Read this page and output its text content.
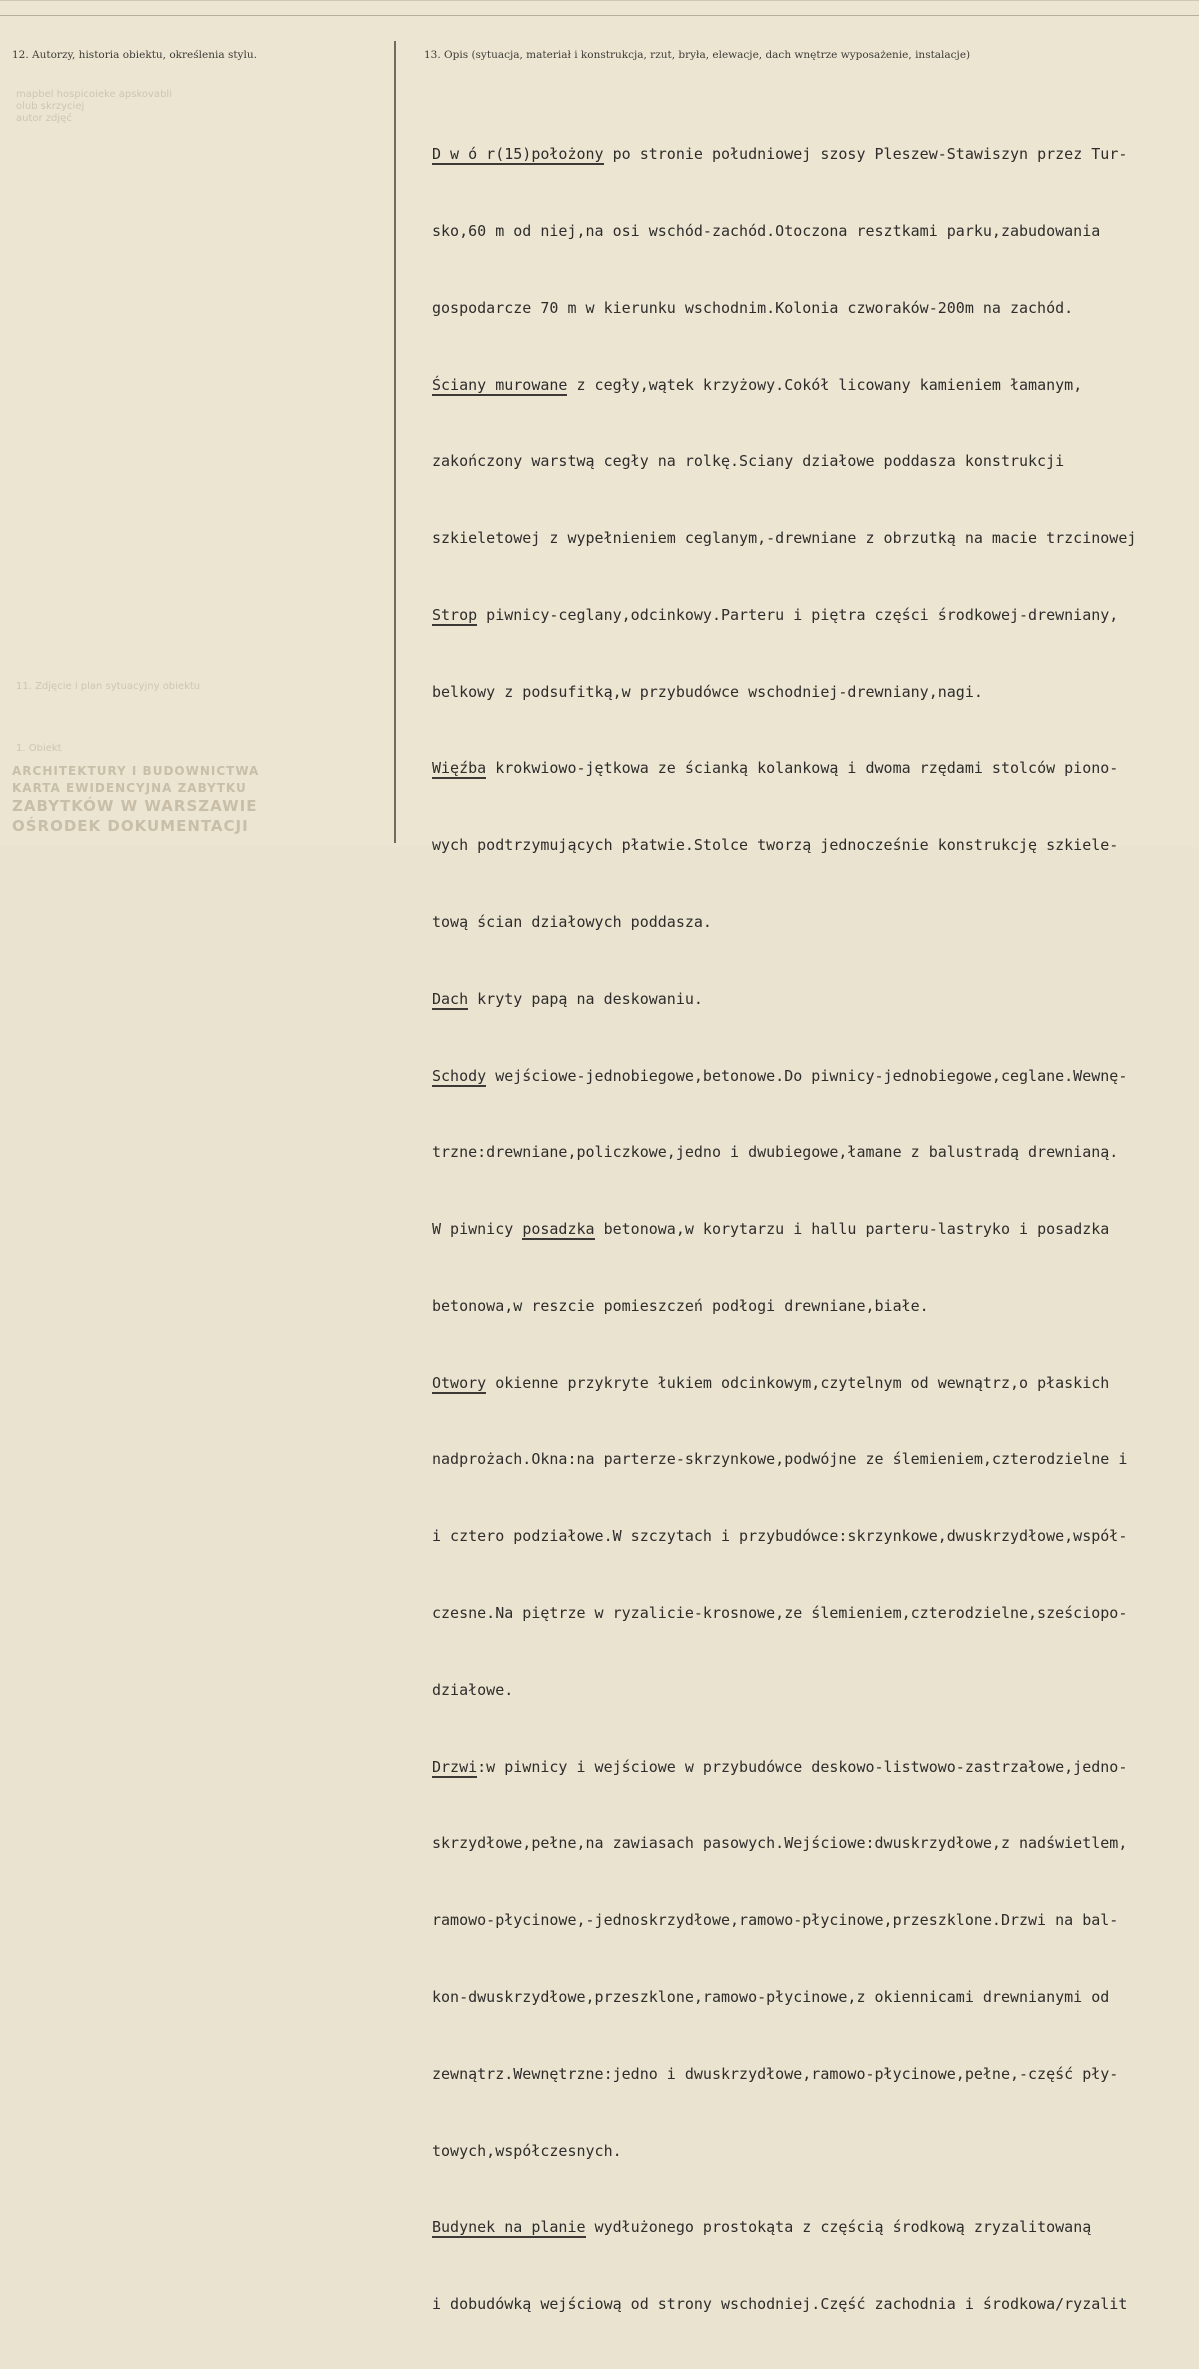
12. Autorzy, historia obiektu, określenia stylu.	13. Opis (sytuacja, materiał i konstrukcja, rzut, bryła, elewacje, dach wnętrze wyposażenie, instalacje)
mapbel hospicoieke apskovabli
olub skrzyciej
autor zdjęć
11. Zdjęcie i plan sytuacyjny obiektu
1. Obiekt
ARCHITEKTURY I BUDOWNICTWA
KARTA EWIDENCYJNA ZABYTKU
ZABYTKÓW W WARSZAWIE
OŚRODEK DOKUMENTACJI

D w ó r(15)położony po stronie południowej szosy Pleszew-Stawiszyn przez Tur-

sko,60 m od niej,na osi wschód-zachód.Otoczona resztkami parku,zabudowania

gospodarcze 70 m w kierunku wschodnim.Kolonia czworaków-200m na zachód.

Ściany murowane z cegły,wątek krzyżowy.Cokół licowany kamieniem łamanym,

zakończony warstwą cegły na rolkę.Sciany działowe poddasza konstrukcji

szkieletowej z wypełnieniem ceglanym,-drewniane z obrzutką na macie trzcinowej

Strop piwnicy-ceglany,odcinkowy.Parteru i piętra części środkowej-drewniany,

belkowy z podsufitką,w przybudówce wschodniej-drewniany,nagi.

Więźba krokwiowo-jętkowa ze ścianką kolankową i dwoma rzędami stolców piono-

wych podtrzymujących płatwie.Stolce tworzą jednocześnie konstrukcję szkiele-

tową ścian działowych poddasza.

Dach kryty papą na deskowaniu.

Schody wejściowe-jednobiegowe,betonowe.Do piwnicy-jednobiegowe,ceglane.Wewnę-

trzne:drewniane,policzkowe,jedno i dwubiegowe,łamane z balustradą drewnianą.

W piwnicy posadzka betonowa,w korytarzu i hallu parteru-lastryko i posadzka

betonowa,w reszcie pomieszczeń podłogi drewniane,białe.

Otwory okienne przykryte łukiem odcinkowym,czytelnym od wewnątrz,o płaskich

nadprożach.Okna:na parterze-skrzynkowe,podwójne ze ślemieniem,czterodzielne i

i cztero podziałowe.W szczytach i przybudówce:skrzynkowe,dwuskrzydłowe,współ-

czesne.Na piętrze w ryzalicie-krosnowe,ze ślemieniem,czterodzielne,sześciopo-

działowe.

Drzwi:w piwnicy i wejściowe w przybudówce deskowo-listwowo-zastrzałowe,jedno-

skrzydłowe,pełne,na zawiasach pasowych.Wejściowe:dwuskrzydłowe,z nadświetlem,

ramowo-płycinowe,-jednoskrzydłowe,ramowo-płycinowe,przeszklone.Drzwi na bal-

kon-dwuskrzydłowe,przeszklone,ramowo-płycinowe,z okiennicami drewnianymi od

zewnątrz.Wewnętrzne:jedno i dwuskrzydłowe,ramowo-płycinowe,pełne,-część pły-

towych,współczesnych.

Budynek na planie wydłużonego prostokąta z częścią środkową zryzalitowaną

i dobudówką wejściową od strony wschodniej.Część zachodnia i środkowa/ryzalit
